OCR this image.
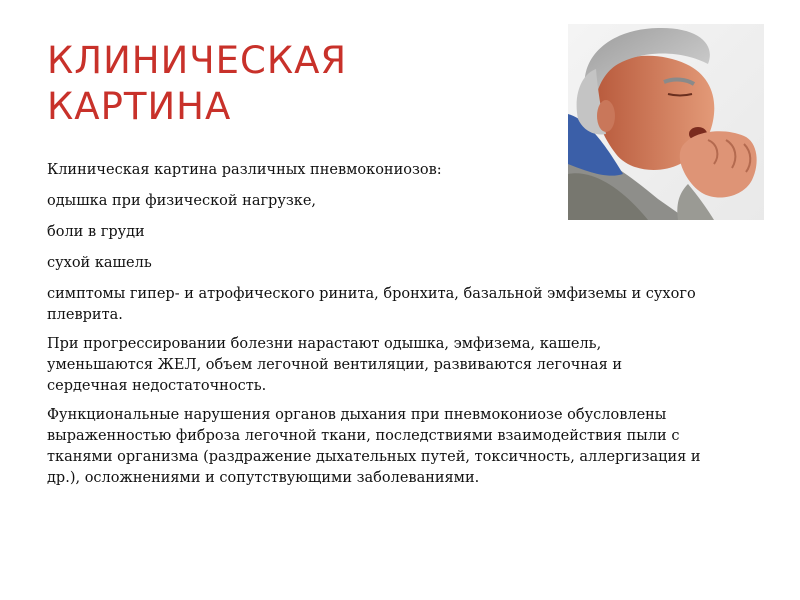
КЛИНИЧЕСКАЯ
КАРТИНА

Клиническая картина различных пневмокониозов:

одышка при физической нагрузке,

боли в груди

сухой кашель

симптомы гипер- и атрофического ринита, бронхита, базальной эмфиземы и сухого плеврита.

При прогрессировании болезни нарастают одышка, эмфизема, кашель, уменьшаются ЖЕЛ, объем легочной вентиляции, развиваются легочная и сердечная недостаточность.

Функциональные нарушения органов дыхания при пневмокониозе обусловлены выраженностью фиброза легочной ткани, последствиями взаимодействия пыли с тканями организма (раздражение дыхательных путей, токсичность, аллергизация и др.), осложнениями и сопутствующими заболеваниями.
